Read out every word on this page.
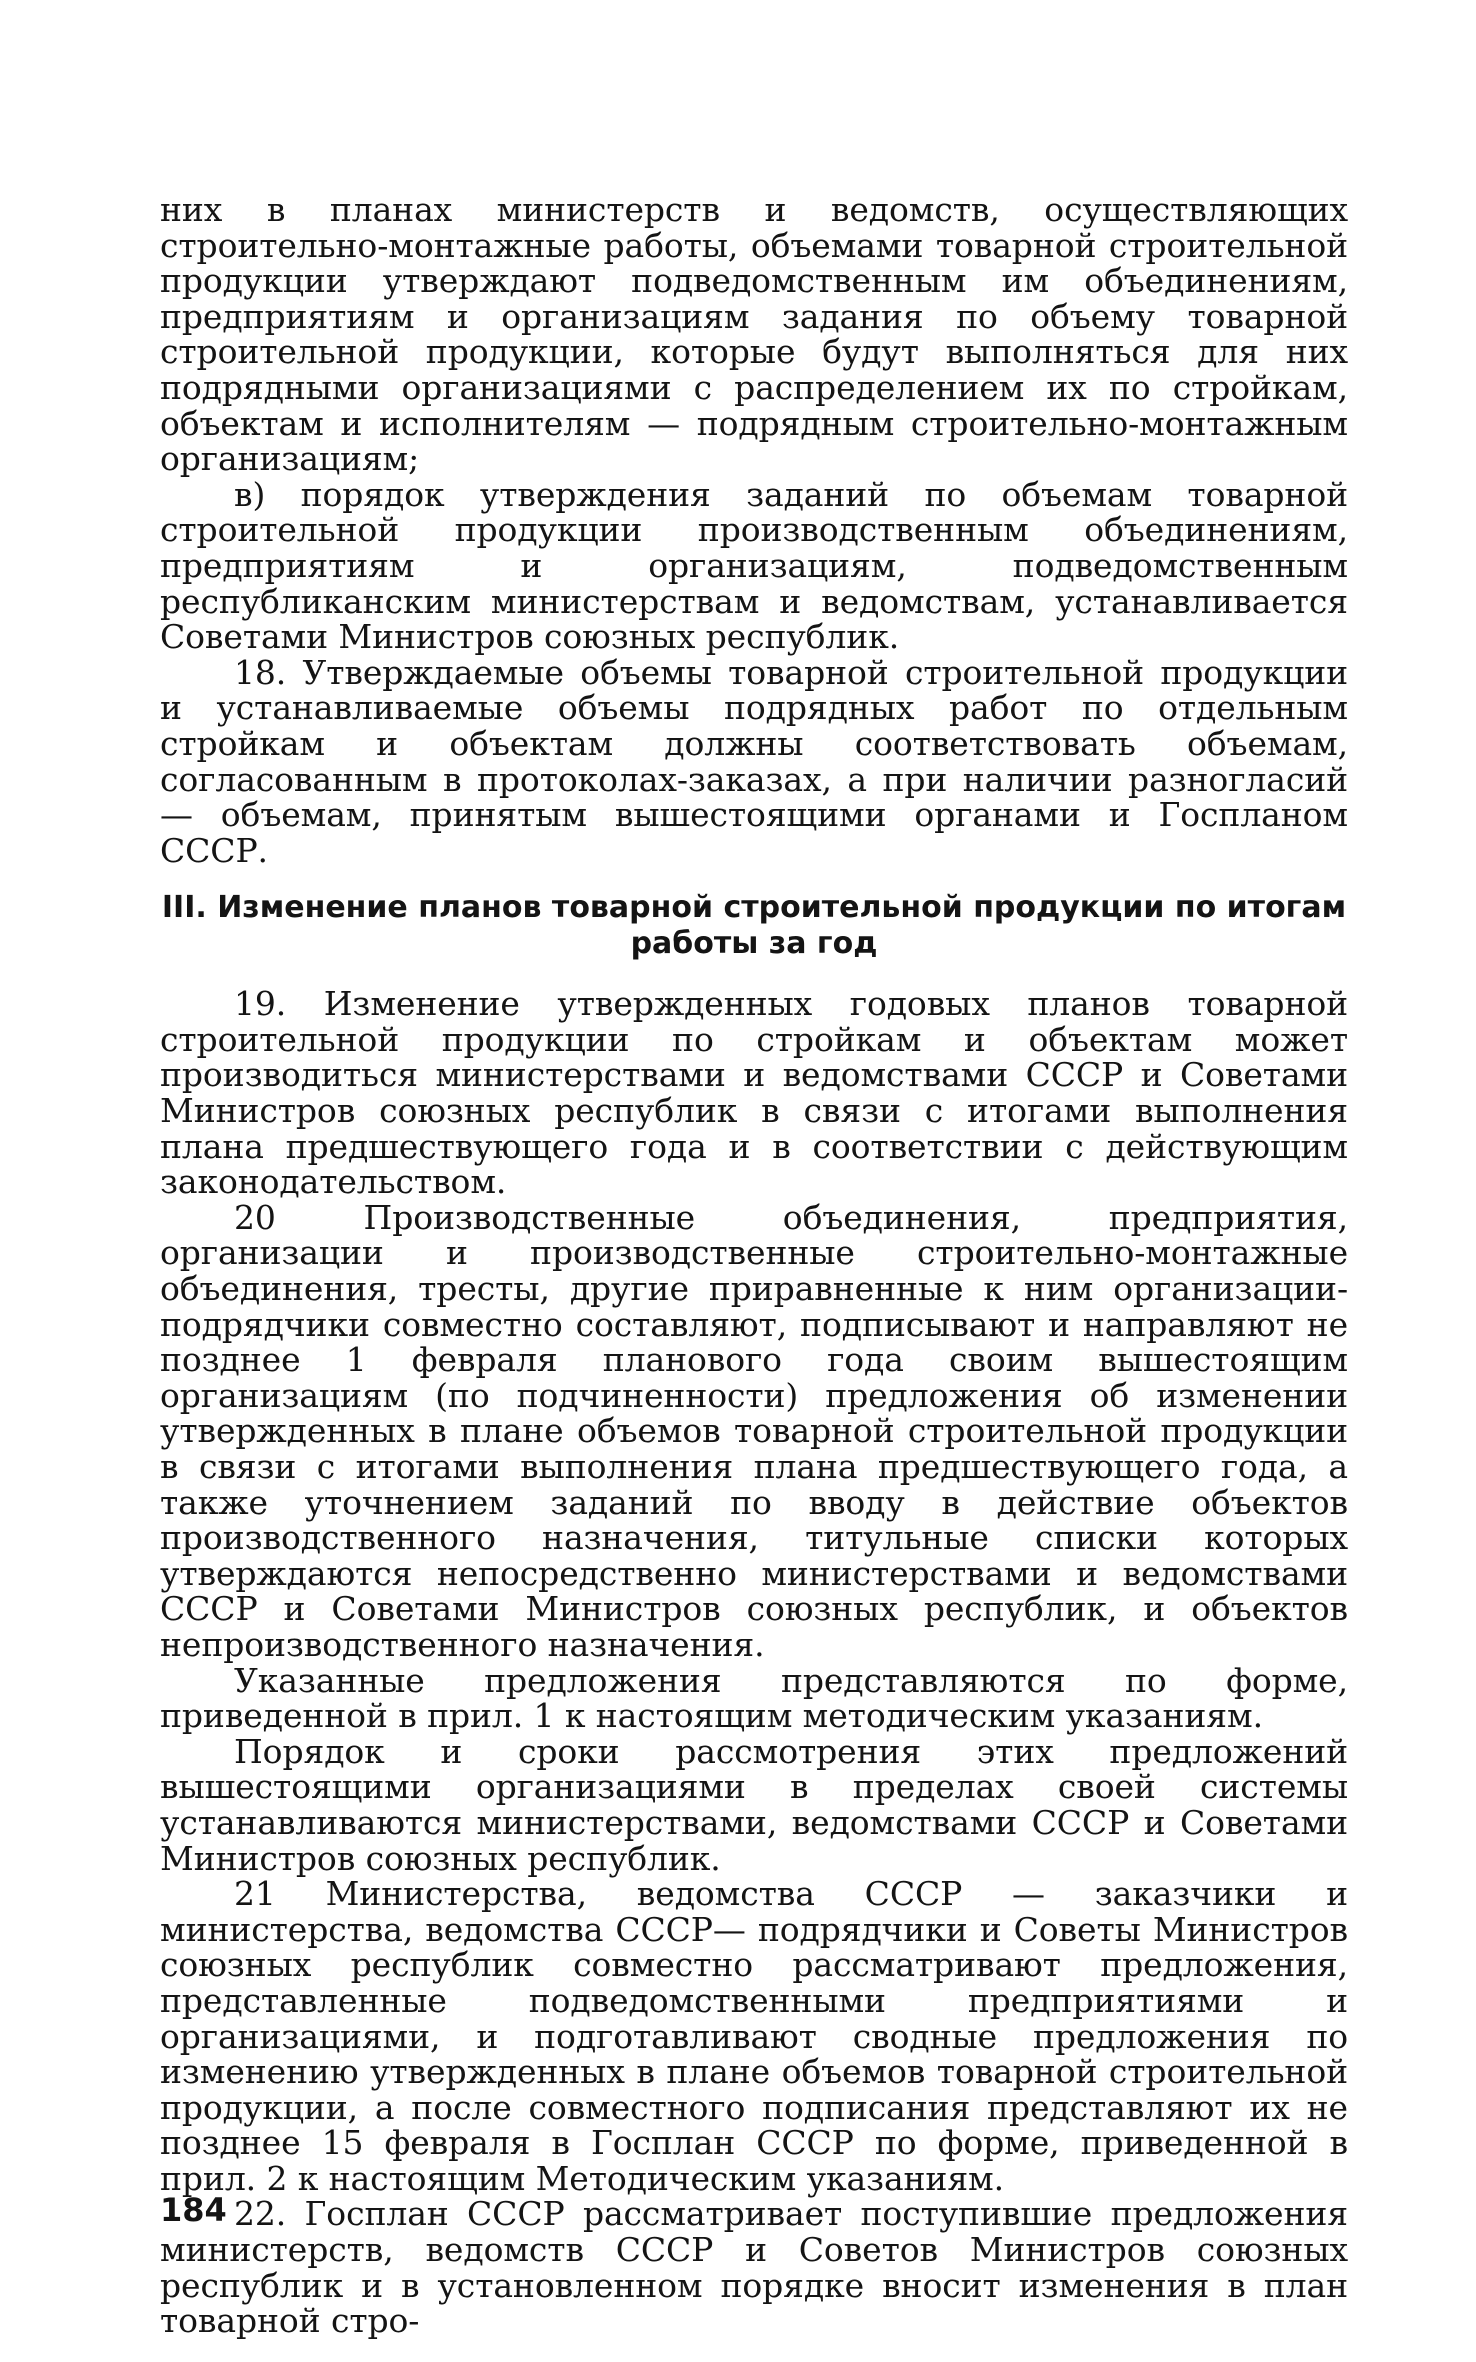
них в планах министерств и ведомств, осуществляющих строительно-монтажные работы, объемами товарной строительной продукции утверждают подведомственным им объединениям, предприятиям и организациям задания по объему товарной строительной продукции, которые будут выполняться для них подрядными организациями с распределением их по стройкам, объектам и исполнителям — подрядным строительно-монтажным организациям;

в) порядок утверждения заданий по объемам товарной строительной продукции производственным объединениям, предприятиям и организациям, подведомственным республиканским министерствам и ведомствам, устанавливается Советами Министров союзных республик.

18. Утверждаемые объемы товарной строительной продукции и устанавливаемые объемы подрядных работ по отдельным стройкам и объектам должны соответствовать объемам, согласованным в протоколах-заказах, а при наличии разногласий — объемам, принятым вышестоящими органами и Госпланом СССР.

III. Изменение планов товарной строительной продукции по итогам работы за год

19. Изменение утвержденных годовых планов товарной строительной продукции по стройкам и объектам может производиться министерствами и ведомствами СССР и Советами Министров союзных республик в связи с итогами выполнения плана предшествующего года и в соответствии с действующим законодательством.

20 Производственные объединения, предприятия, организации и производственные строительно-монтажные объединения, тресты, другие приравненные к ним организации-подрядчики совместно составляют, подписывают и направляют не позднее 1 февраля планового года своим вышестоящим организациям (по подчиненности) предложения об изменении утвержденных в плане объемов товарной строительной продукции в связи с итогами выполнения плана предшествующего года, а также уточнением заданий по вводу в действие объектов производственного назначения, титульные списки которых утверждаются непосредственно министерствами и ведомствами СССР и Советами Министров союзных республик, и объектов непроизводственного назначения.

Указанные предложения представляются по форме, приведенной в прил. 1 к настоящим методическим указаниям.

Порядок и сроки рассмотрения этих предложений вышестоящими организациями в пределах своей системы устанавливаются министерствами, ведомствами СССР и Советами Министров союзных республик.

21 Министерства, ведомства СССР — заказчики и министерства, ведомства СССР— подрядчики и Советы Министров союзных республик совместно рассматривают предложения, представленные подведомственными предприятиями и организациями, и подготавливают сводные предложения по изменению утвержденных в плане объемов товарной строительной продукции, а после совместного подписания представляют их не позднее 15 февраля в Госплан СССР по форме, приведенной в прил. 2 к настоящим Методическим указаниям.

22. Госплан СССР рассматривает поступившие предложения министерств, ведомств СССР и Советов Министров союзных республик и в установленном порядке вносит изменения в план товарной стро-

184
